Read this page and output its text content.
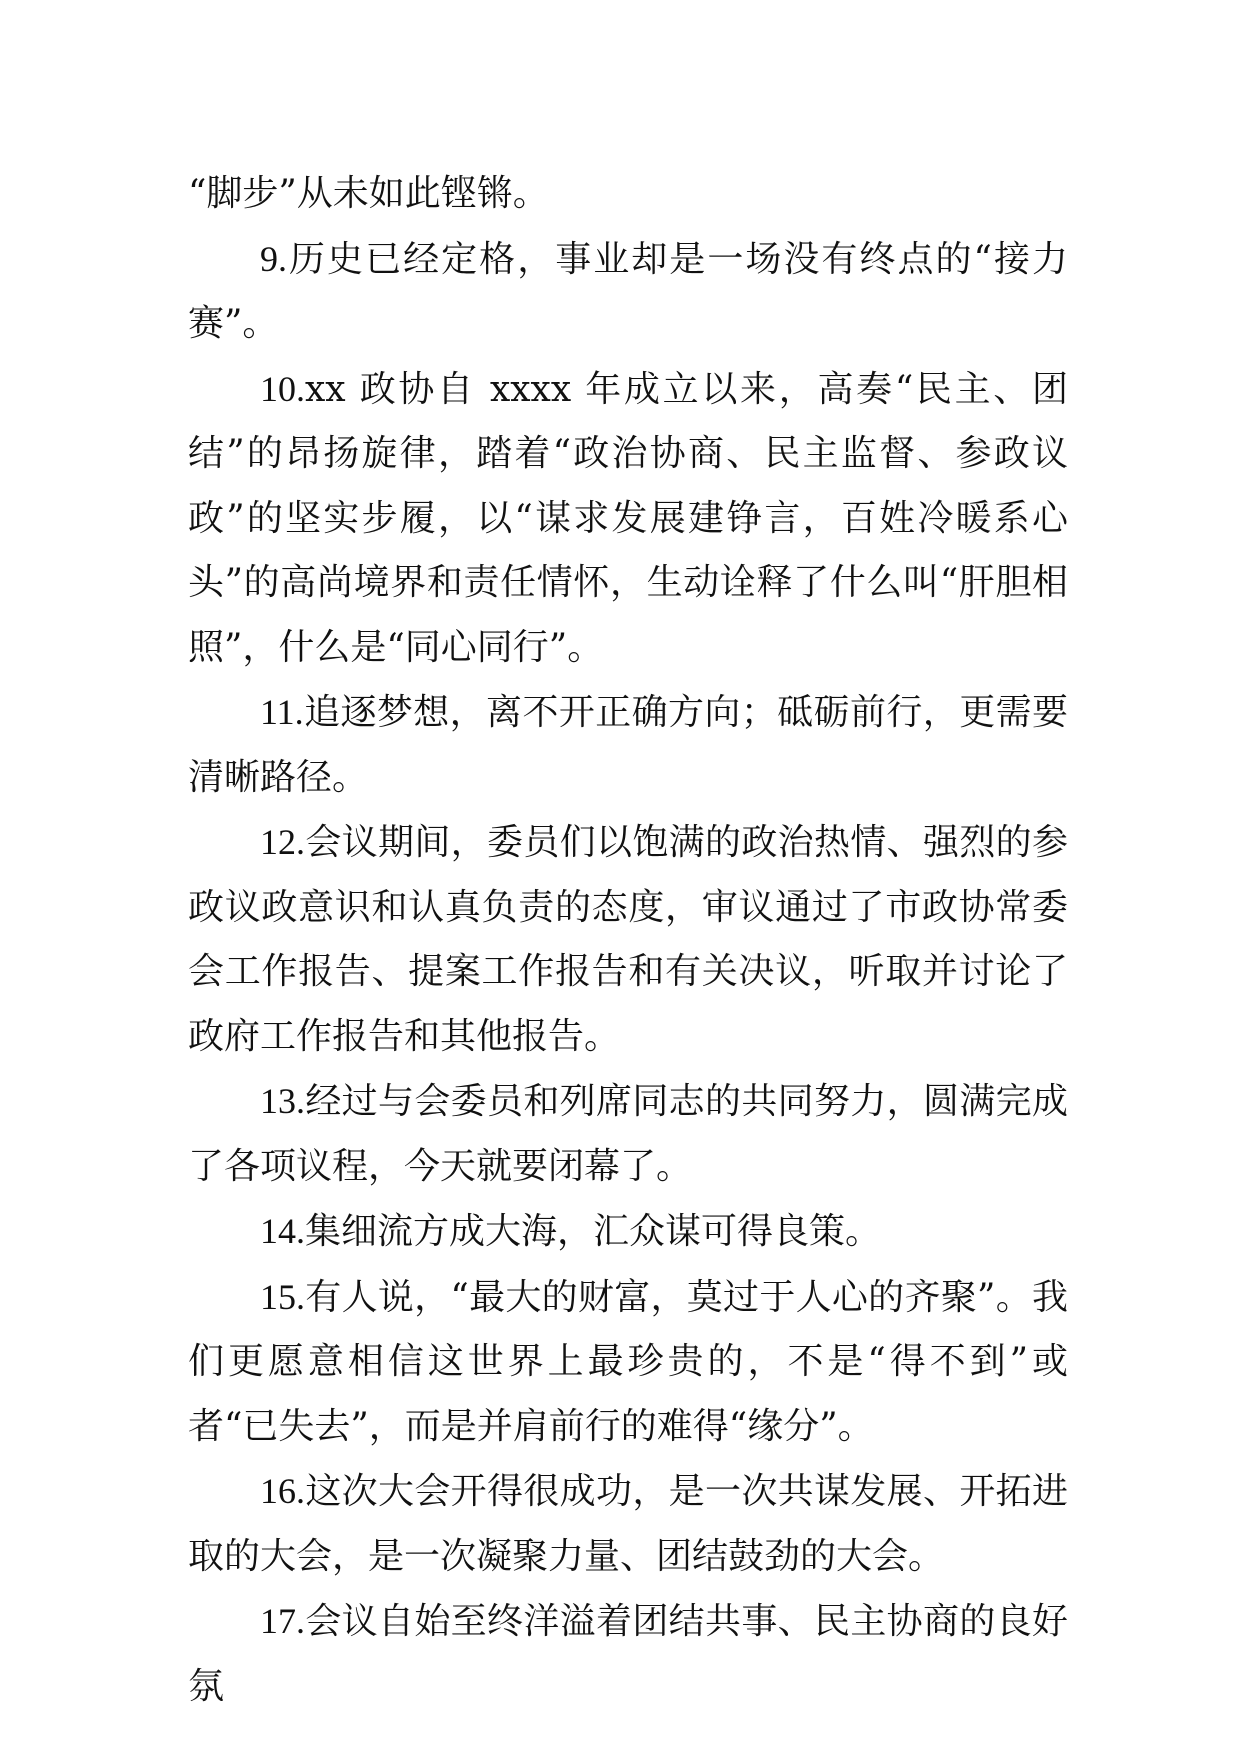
“脚步”从未如此铿锵。

9.历史已经定格，事业却是一场没有终点的“接力赛”。

10.xx 政协自 xxxx 年成立以来，高奏“民主、团结”的昂扬旋律，踏着“政治协商、民主监督、参政议政”的坚实步履，以“谋求发展建铮言，百姓冷暖系心头”的高尚境界和责任情怀，生动诠释了什么叫“肝胆相照”，什么是“同心同行”。

11.追逐梦想，离不开正确方向；砥砺前行，更需要清晰路径。

12.会议期间，委员们以饱满的政治热情、强烈的参政议政意识和认真负责的态度，审议通过了市政协常委会工作报告、提案工作报告和有关决议，听取并讨论了政府工作报告和其他报告。

13.经过与会委员和列席同志的共同努力，圆满完成了各项议程，今天就要闭幕了。

14.集细流方成大海，汇众谋可得良策。

15.有人说，“最大的财富，莫过于人心的齐聚”。我们更愿意相信这世界上最珍贵的，不是“得不到”或者“已失去”，而是并肩前行的难得“缘分”。

16.这次大会开得很成功，是一次共谋发展、开拓进取的大会，是一次凝聚力量、团结鼓劲的大会。

17.会议自始至终洋溢着团结共事、民主协商的良好氛
